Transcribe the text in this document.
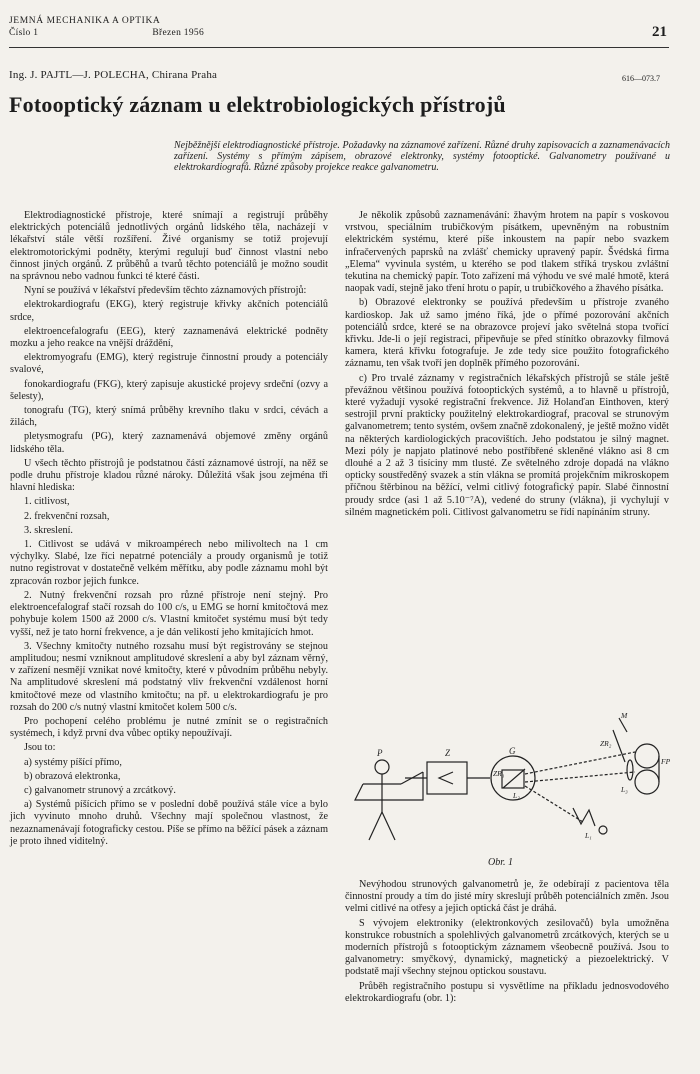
JEMNÁ MECHANIKA A OPTIKA
Číslo 1	Březen 1956	21
Ing. J. PAJTL—J. POLECHA, Chirana Praha	616—073.7
Fotooptický záznam u elektrobiologických přístrojů

Nejběžnější elektrodiagnostické přístroje. Požadavky na záznamové zařízení. Různé druhy zapisovacích a zaznamenávacích zařízení. Systémy s přímým zápisem, obrazové elektronky, systémy fotooptické. Galvanometry používané u elektrokardiografů. Různé způsoby projekce reakce galvanometru.

Elektrodiagnostické přístroje, které snímají a registrují průběhy elektrických potenciálů jednotlivých orgánů lidského těla, nacházejí v lékařství stále větší rozšíření. Živé organismy se totiž projevují elektromotorickými podněty, kterými regulují buď činnost vlastní nebo činnost jiných orgánů. Z průběhů a tvarů těchto potenciálů je možno soudit na správnou nebo vadnou funkci té které části.

Nyní se používá v lékařství především těchto záznamových přístrojů:

elektrokardiografu (EKG), který registruje křivky akčních potenciálů srdce,

elektroencefalografu (EEG), který zaznamenává elektrické podněty mozku a jeho reakce na vnější dráždění,

elektromyografu (EMG), který registruje činnostní proudy a potenciály svalové,

fonokardiografu (FKG), který zapisuje akustické projevy srdeční (ozvy a šelesty),

tonografu (TG), který snímá průběhy krevního tlaku v srdci, cévách a žilách,

pletysmografu (PG), který zaznamenává objemové změny orgánů lidského těla.

U všech těchto přístrojů je podstatnou částí záznamové ústrojí, na něž se podle druhu přístroje kladou různé nároky. Důležitá však jsou zejména tři hlavní hlediska:

1. citlivost,

2. frekvenční rozsah,

3. skreslení.

1. Citlivost se udává v mikroampérech nebo milivoltech na 1 cm výchylky. Slabé, lze říci nepatrné potenciály a proudy organismů je totiž nutno registrovat v dostatečně velkém měřítku, aby podle záznamu mohl být zpracován rozbor jejich funkce.

2. Nutný frekvenční rozsah pro různé přístroje není stejný. Pro elektroencefalograf stačí rozsah do 100 c/s, u EMG se horní kmitočtová mez pohybuje kolem 1500 až 2000 c/s. Vlastní kmitočet systému musí být tedy vyšší, než je tato horní frekvence, a je dán velikostí jeho kmitajících hmot.

3. Všechny kmitočty nutného rozsahu musí být registrovány se stejnou amplitudou; nesmí vzniknout amplitudové skreslení a aby byl záznam věrný, v zařízení nesmějí vznikat nové kmitočty, které v původním průběhu nebyly. Na amplitudové skreslení má podstatný vliv frekvenční vzdálenost horní kmitočtové meze od vlastního kmitočtu; na př. u elektrokardiografu je pro rozsah do 200 c/s nutný vlastní kmitočet kolem 500 c/s.

Pro pochopení celého problému je nutné zmínit se o registračních systémech, i když první dva vůbec optiky nepoužívají.

Jsou to:

a) systémy píšící přímo,

b) obrazová elektronka,

c) galvanometr strunový a zrcátkový.

a) Systémů píšících přímo se v poslední době používá stále více a bylo jich vyvinuto mnoho druhů. Všechny mají společnou vlastnost, že nezaznamenávají fotograficky cestou. Píše se přímo na běžící pásek a záznam je proto ihned viditelný.

Je několik způsobů zaznamenávání: žhavým hrotem na papír s voskovou vrstvou, speciálním trubičkovým písátkem, upevněným na robustním elektrickém systému, které píše inkoustem na papír nebo svazkem infračervených paprsků na zvlášť chemicky upravený papír. Švédská firma „Elema“ vyvinula systém, u kterého se pod tlakem stříká tryskou zvláštní tekutina na chemický papír. Toto zařízení má výhodu ve své malé hmotě, která naopak vadí, stejně jako tření hrotu o papír, u trubičkového a žhavého písátka.

b) Obrazové elektronky se používá především u přístroje zvaného kardioskop. Jak už samo jméno říká, jde o přímé pozorování akčních potenciálů srdce, které se na obrazovce projeví jako světelná stopa tvořící křivku. Jde-li o její registraci, připevňuje se před stínítko obrazovky filmová kamera, která křivku fotografuje. Je zde tedy sice použito fotografického záznamu, ten však tvoří jen doplněk přímého pozorování.

c) Pro trvalé záznamy v registračních lékařských přístrojů se stále ještě převážnou většinou používá fotooptických systémů, a to hlavně u přístrojů, které vyžadují vysoké registrační frekvence. Již Holanďan Einthoven, který sestrojil první prakticky použitelný elektrokardiograf, pracoval se strunovým galvanometrem; tento systém, ovšem značně zdokonalený, je ještě možno vidět na některých kardiologických pracovištích. Jeho podstatou je silný magnet. Mezi póly je napjato platinové nebo postříbřené skleněné vlákno asi 8 cm dlouhé a 2 až 3 tisíciny mm tlusté. Ze světelného zdroje dopadá na vlákno opticky soustředěný svazek a stín vlákna se promítá projekčním mikroskopem příčnou štěrbinou na běžící, velmi citlivý fotografický papír. Slabé činnostní proudy srdce (asi 1 až 5.10⁻⁷A), vedené do struny (vlákna), ji vychylují v silném magnetickém poli. Citlivost galvanometru se řídí napínáním struny.

P	Z	G
ZR₁
L₂
L₁
M
ZR₂
L₃
FP
Obr. 1

Nevýhodou strunových galvanometrů je, že odebírají z pacientova těla činnostní proudy a tím do jisté míry skreslují průběh potenciálních změn. Jsou velmi citlivé na otřesy a jejich optická část je dráhá.

S vývojem elektroniky (elektronkových zesilovačů) byla umožněna konstrukce robustních a spolehlivých galvanometrů zrcátkových, kterých se u moderních přístrojů s fotooptickým záznamem všeobecně používá. Jsou to galvanometry: smyčkový, dynamický, magnetický a piezoelektrický. V podstatě mají všechny stejnou optickou soustavu.

Průběh registračního postupu si vysvětlíme na příkladu jednosvodového elektrokardiografu (obr. 1):
